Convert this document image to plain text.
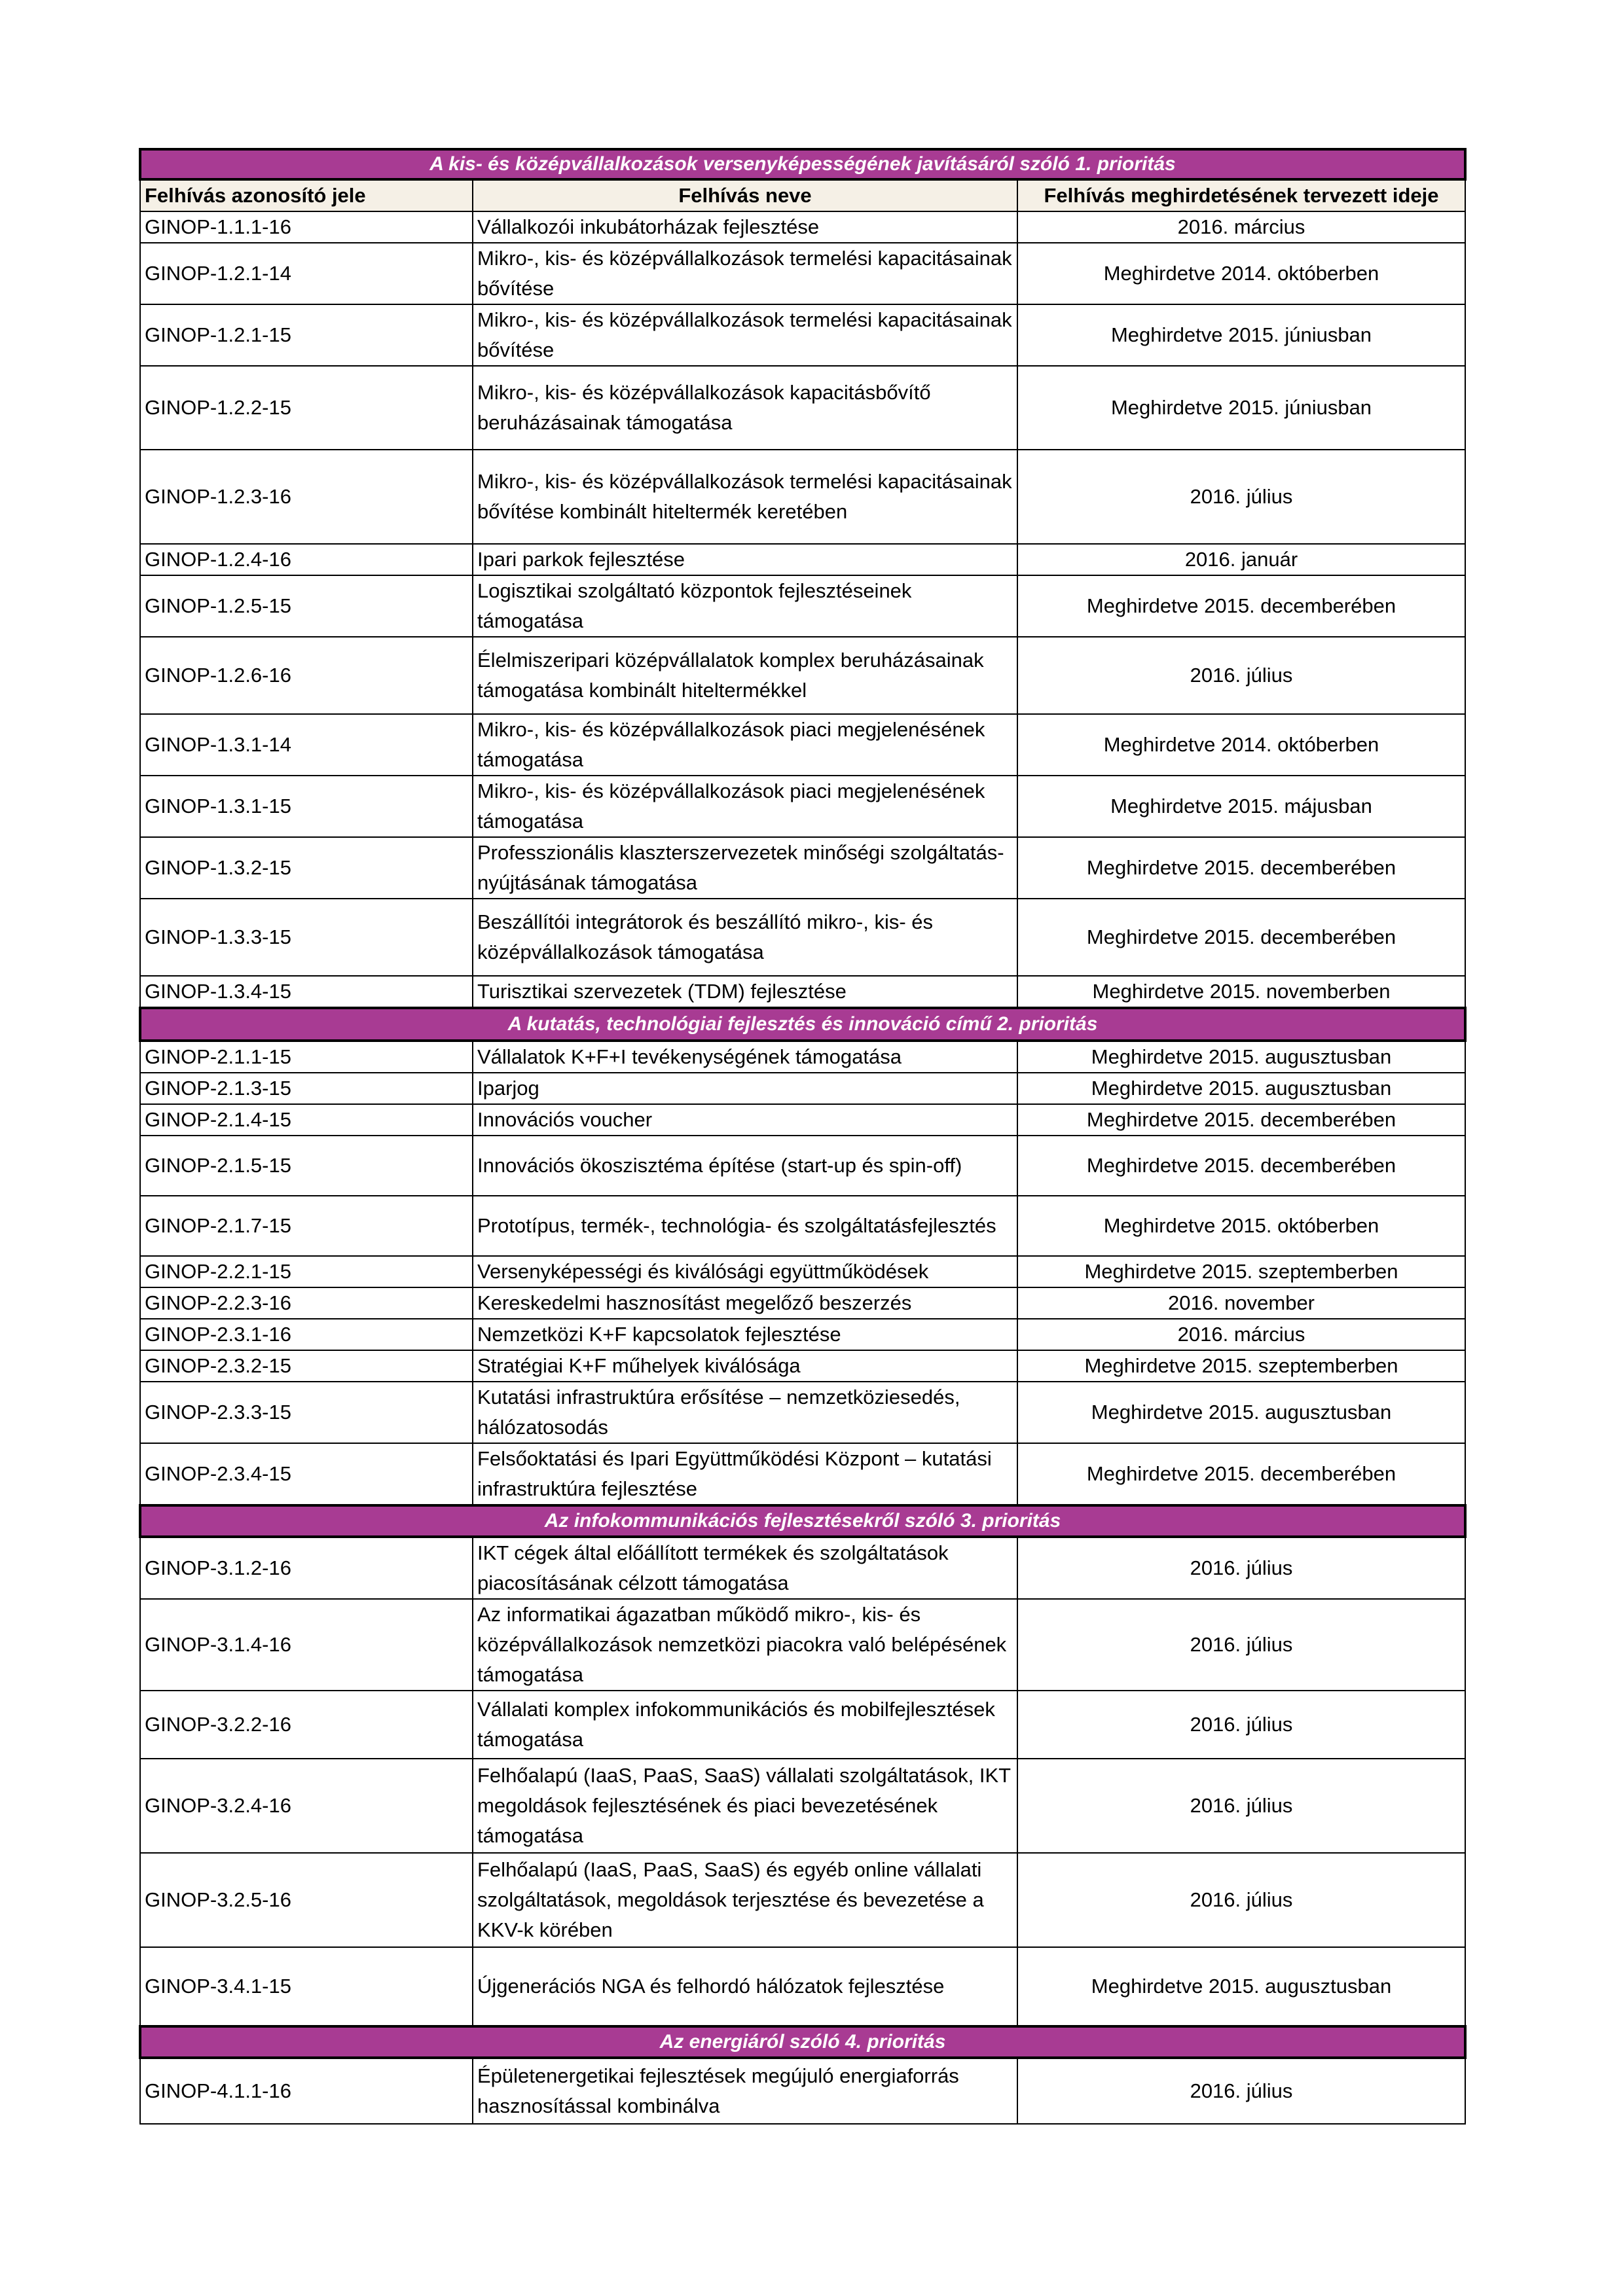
A kis- és középvállalkozások versenyképességének javításáról szóló 1. prioritás		
Felhívás azonosító jele	Felhívás neve	Felhívás meghirdetésének tervezett ideje
GINOP-1.1.1-16	Vállalkozói inkubátorházak fejlesztése	2016. március
GINOP-1.2.1-14	Mikro-, kis- és középvállalkozások termelési kapacitásainak bővítése	Meghirdetve 2014. októberben
GINOP-1.2.1-15	Mikro-, kis- és középvállalkozások termelési kapacitásainak bővítése	Meghirdetve 2015. júniusban
GINOP-1.2.2-15	Mikro-, kis- és középvállalkozások kapacitásbővítő beruházásainak támogatása	Meghirdetve 2015. júniusban
GINOP-1.2.3-16	Mikro-, kis- és középvállalkozások termelési kapacitásainak bővítése kombinált hiteltermék keretében	2016. július
GINOP-1.2.4-16	Ipari parkok fejlesztése	2016. január
GINOP-1.2.5-15	Logisztikai szolgáltató központok fejlesztéseinek támogatása	Meghirdetve 2015. decemberében
GINOP-1.2.6-16	Élelmiszeripari középvállalatok komplex beruházásainak támogatása kombinált hiteltermékkel	2016. július
GINOP-1.3.1-14	Mikro-, kis- és középvállalkozások piaci megjelenésének támogatása	Meghirdetve 2014. októberben
GINOP-1.3.1-15	Mikro-, kis- és középvállalkozások piaci megjelenésének támogatása	Meghirdetve 2015. májusban
GINOP-1.3.2-15	Professzionális klaszterszervezetek minőségi szolgáltatás-nyújtásának támogatása	Meghirdetve 2015. decemberében
GINOP-1.3.3-15	Beszállítói integrátorok és beszállító mikro-, kis- és középvállalkozások támogatása	Meghirdetve 2015. decemberében
GINOP-1.3.4-15	Turisztikai szervezetek (TDM) fejlesztése	Meghirdetve 2015. novemberben
A kutatás, technológiai fejlesztés és innováció című 2. prioritás		
GINOP-2.1.1-15	Vállalatok K+F+I tevékenységének támogatása	Meghirdetve 2015. augusztusban
GINOP-2.1.3-15	Iparjog	Meghirdetve 2015. augusztusban
GINOP-2.1.4-15	Innovációs voucher	Meghirdetve 2015. decemberében
GINOP-2.1.5-15	Innovációs ökoszisztéma építése (start-up és spin-off)	Meghirdetve 2015. decemberében
GINOP-2.1.7-15	Prototípus, termék-, technológia- és szolgáltatásfejlesztés	Meghirdetve 2015. októberben
GINOP-2.2.1-15	Versenyképességi és kiválósági együttműködések	Meghirdetve 2015. szeptemberben
GINOP-2.2.3-16	Kereskedelmi hasznosítást megelőző beszerzés	2016. november
GINOP-2.3.1-16	Nemzetközi K+F kapcsolatok fejlesztése	2016. március
GINOP-2.3.2-15	Stratégiai K+F műhelyek kiválósága	Meghirdetve 2015. szeptemberben
GINOP-2.3.3-15	Kutatási infrastruktúra erősítése – nemzetköziesedés, hálózatosodás	Meghirdetve 2015. augusztusban
GINOP-2.3.4-15	Felsőoktatási és Ipari Együttműködési Központ – kutatási infrastruktúra fejlesztése	Meghirdetve 2015. decemberében
Az infokommunikációs fejlesztésekről szóló 3. prioritás		
GINOP-3.1.2-16	IKT cégek által előállított termékek és szolgáltatások piacosításának célzott támogatása	2016. július
GINOP-3.1.4-16	Az informatikai ágazatban működő mikro-, kis- és középvállalkozások nemzetközi piacokra való belépésének támogatása	2016. július
GINOP-3.2.2-16	Vállalati komplex infokommunikációs és mobilfejlesztések támogatása	2016. július
GINOP-3.2.4-16	Felhőalapú (IaaS, PaaS, SaaS) vállalati szolgáltatások, IKT megoldások fejlesztésének és piaci bevezetésének támogatása	2016. július
GINOP-3.2.5-16	Felhőalapú (IaaS, PaaS, SaaS) és egyéb online vállalati szolgáltatások, megoldások terjesztése és bevezetése a KKV-k körében	2016. július
GINOP-3.4.1-15	Újgenerációs NGA és felhordó hálózatok fejlesztése	Meghirdetve 2015. augusztusban
Az energiáról szóló 4. prioritás		
GINOP-4.1.1-16	Épületenergetikai fejlesztések megújuló energiaforrás hasznosítással kombinálva	2016. július
